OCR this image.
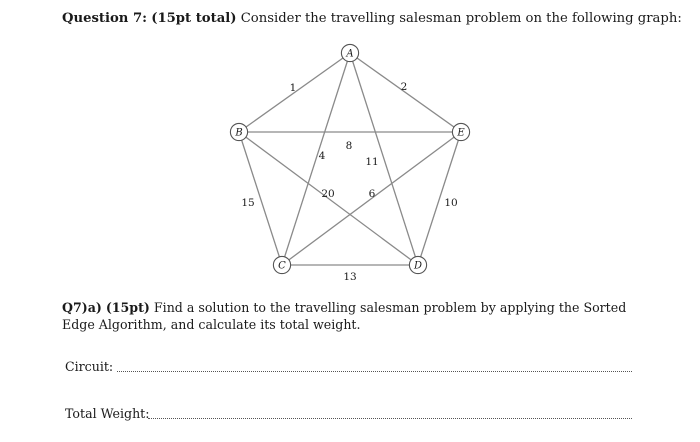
Question 7: (15pt total) Consider the travelling salesman problem on the following graph:
1	2
4
8
11
20	6
15	10
13
A
B
C	D
E
Q7)a) (15pt) Find a solution to the travelling salesman problem by applying the Sorted Edge Algorithm, and calculate its total weight.
Circuit:
Total Weight:
